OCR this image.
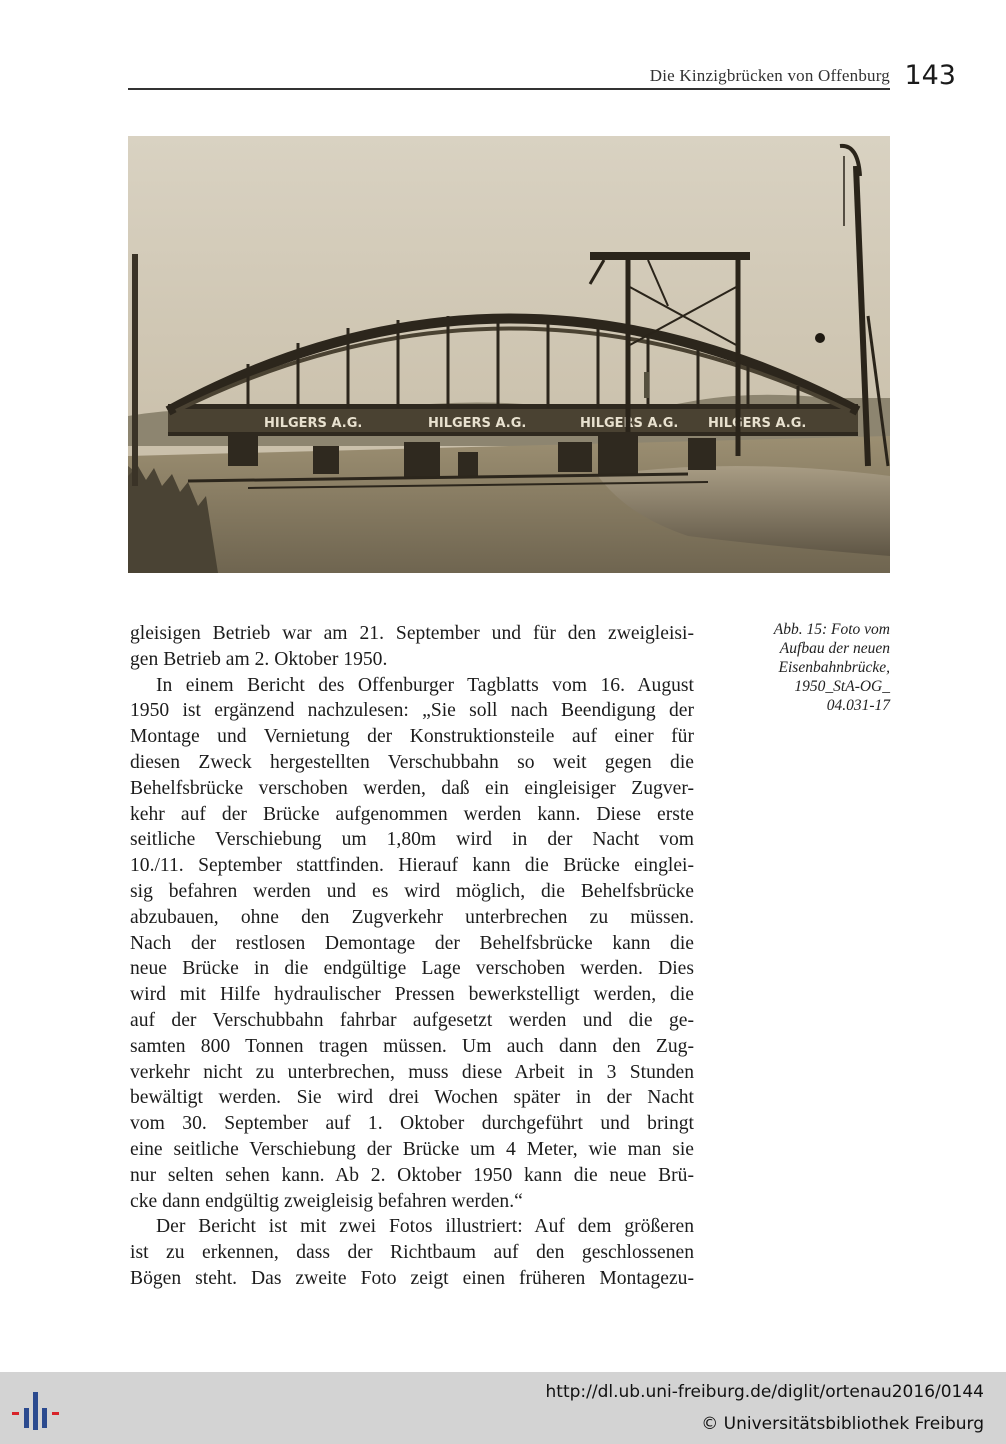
Die Kinzigbrücken von Offenburg 143
HILGERS A.G.	HILGERS A.G.	HILGERS A.G. HILGERS A.G.
Abb. 15: Foto vom
Aufbau der neuen
Eisenbahnbrücke,
1950_StA-OG_
04.031-17
gleisigen Betrieb war am 21. September und für den zweigleisi-
gen Betrieb am 2. Oktober 1950.
In einem Bericht des Offenburger Tagblatts vom 16. August
1950 ist ergänzend nachzulesen: „Sie soll nach Beendigung der
Montage und Vernietung der Konstruktionsteile auf einer für
diesen Zweck hergestellten Verschubbahn so weit gegen die
Behelfsbrücke verschoben werden, daß ein eingleisiger Zugver-
kehr auf der Brücke aufgenommen werden kann. Diese erste
seitliche Verschiebung um 1,80m wird in der Nacht vom
10./11. September stattfinden. Hierauf kann die Brücke einglei-
sig befahren werden und es wird möglich, die Behelfsbrücke
abzubauen, ohne den Zugverkehr unterbrechen zu müssen.
Nach der restlosen Demontage der Behelfsbrücke kann die
neue Brücke in die endgültige Lage verschoben werden. Dies
wird mit Hilfe hydraulischer Pressen bewerkstelligt werden, die
auf der Verschubbahn fahrbar aufgesetzt werden und die ge-
samten 800 Tonnen tragen müssen. Um auch dann den Zug-
verkehr nicht zu unterbrechen, muss diese Arbeit in 3 Stunden
bewältigt werden. Sie wird drei Wochen später in der Nacht
vom 30. September auf 1. Oktober durchgeführt und bringt
eine seitliche Verschiebung der Brücke um 4 Meter, wie man sie
nur selten sehen kann. Ab 2. Oktober 1950 kann die neue Brü-
cke dann endgültig zweigleisig befahren werden.“
Der Bericht ist mit zwei Fotos illustriert: Auf dem größeren
ist zu erkennen, dass der Richtbaum auf den geschlossenen
Bögen steht. Das zweite Foto zeigt einen früheren Montagezu-
http://dl.ub.uni-freiburg.de/diglit/ortenau2016/0144
© Universitätsbibliothek Freiburg
